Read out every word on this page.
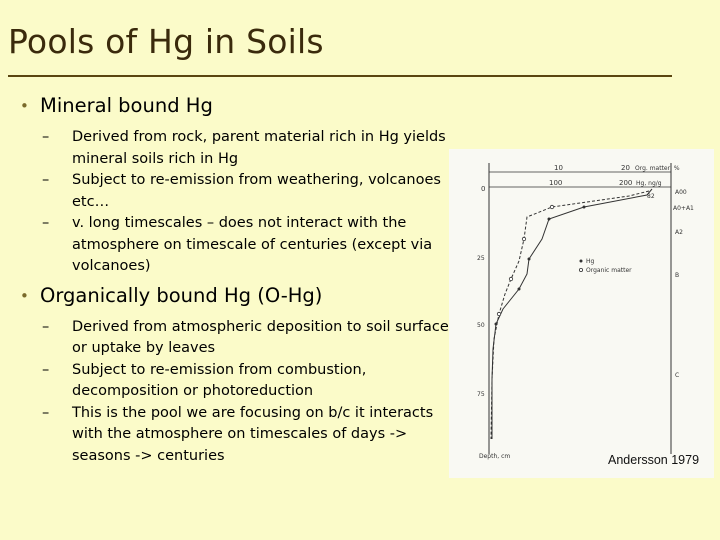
Pools of Hg in Soils
• Mineral bound Hg
– Derived from rock, parent material rich in Hg yields mineral soils rich in Hg
– Subject to re-emission from weathering, volcanoes etc…
– v. long timescales – does not interact with the atmosphere on timescale of centuries (except via volcanoes)
• Organically bound Hg (O-Hg)
– Derived from atmospheric deposition to soil surface or uptake by leaves
– Subject to re-emission from combustion, decomposition or photoreduction
– This is the pool we are focusing on b/c it interacts with the atmosphere on timescales of days -> seasons -> centuries
10	20 Org. matter, %
100	200 Hg, ng/g
0
25
50
75
Depth, cm
A00
A0+A1
A2
B
C
82
Hg
Organic matter
Andersson 1979
